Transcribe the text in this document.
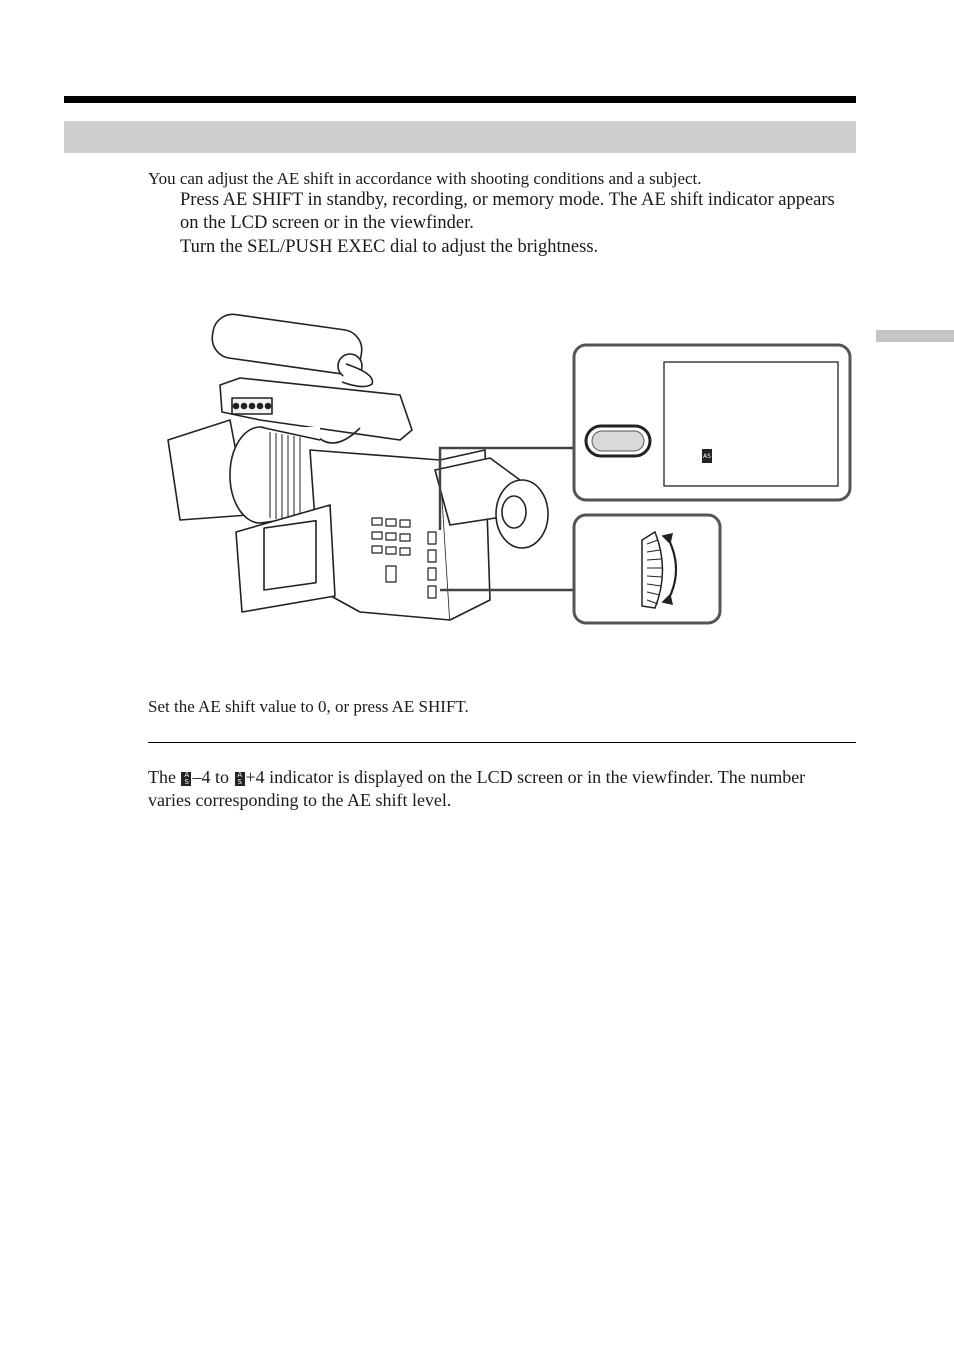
You can adjust the AE shift in accordance with shooting conditions and a subject.
Press AE SHIFT in standby, recording, or memory mode. The AE shift indicator appears on the LCD screen or in the viewfinder.
Turn the SEL/PUSH EXEC dial to adjust the brightness.
AS
Set the AE shift value to 0, or press AE SHIFT.
The A
S –4 to A
S +4 indicator is displayed on the LCD screen or in the viewfinder. The number varies corresponding to the AE shift level.
